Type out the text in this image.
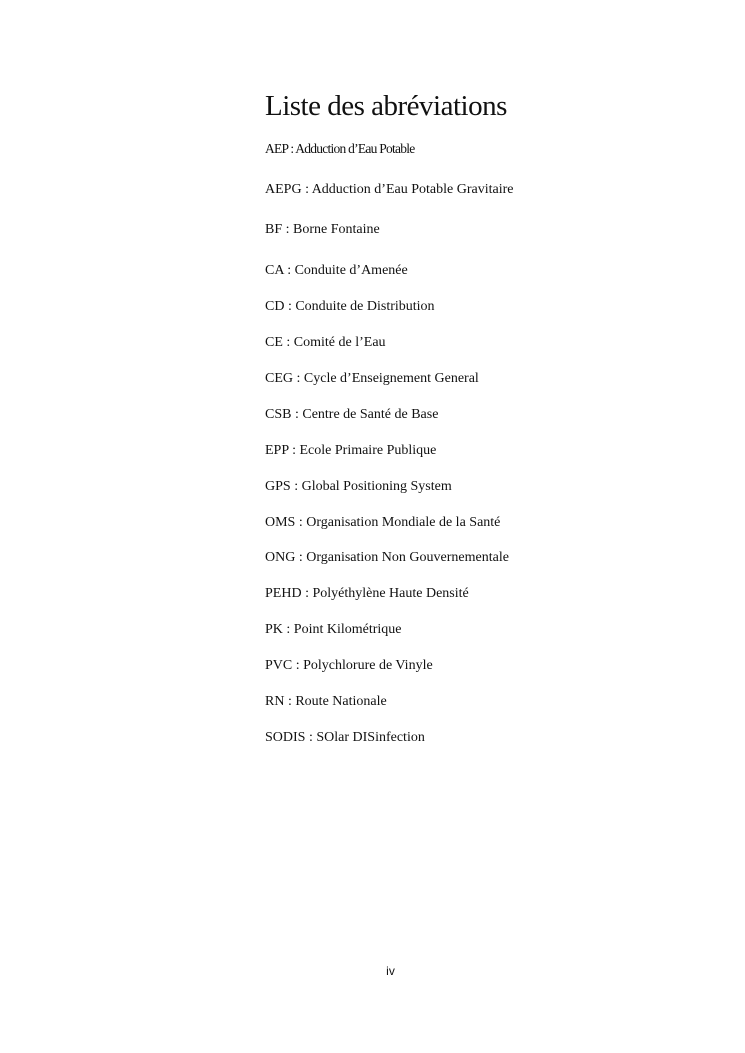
Liste des abréviations
AEP : Adduction d’Eau Potable
AEPG : Adduction d’Eau Potable Gravitaire
BF : Borne Fontaine
CA : Conduite d’Amenée
CD : Conduite de Distribution
CE : Comité de l’Eau
CEG : Cycle d’Enseignement General
CSB : Centre de Santé de Base
EPP : Ecole Primaire Publique
GPS : Global Positioning System
OMS : Organisation Mondiale de la Santé
ONG : Organisation Non Gouvernementale
PEHD : Polyéthylène Haute Densité
PK : Point Kilométrique
PVC : Polychlorure de Vinyle
RN : Route Nationale
SODIS : SOlar DISinfection
iv
